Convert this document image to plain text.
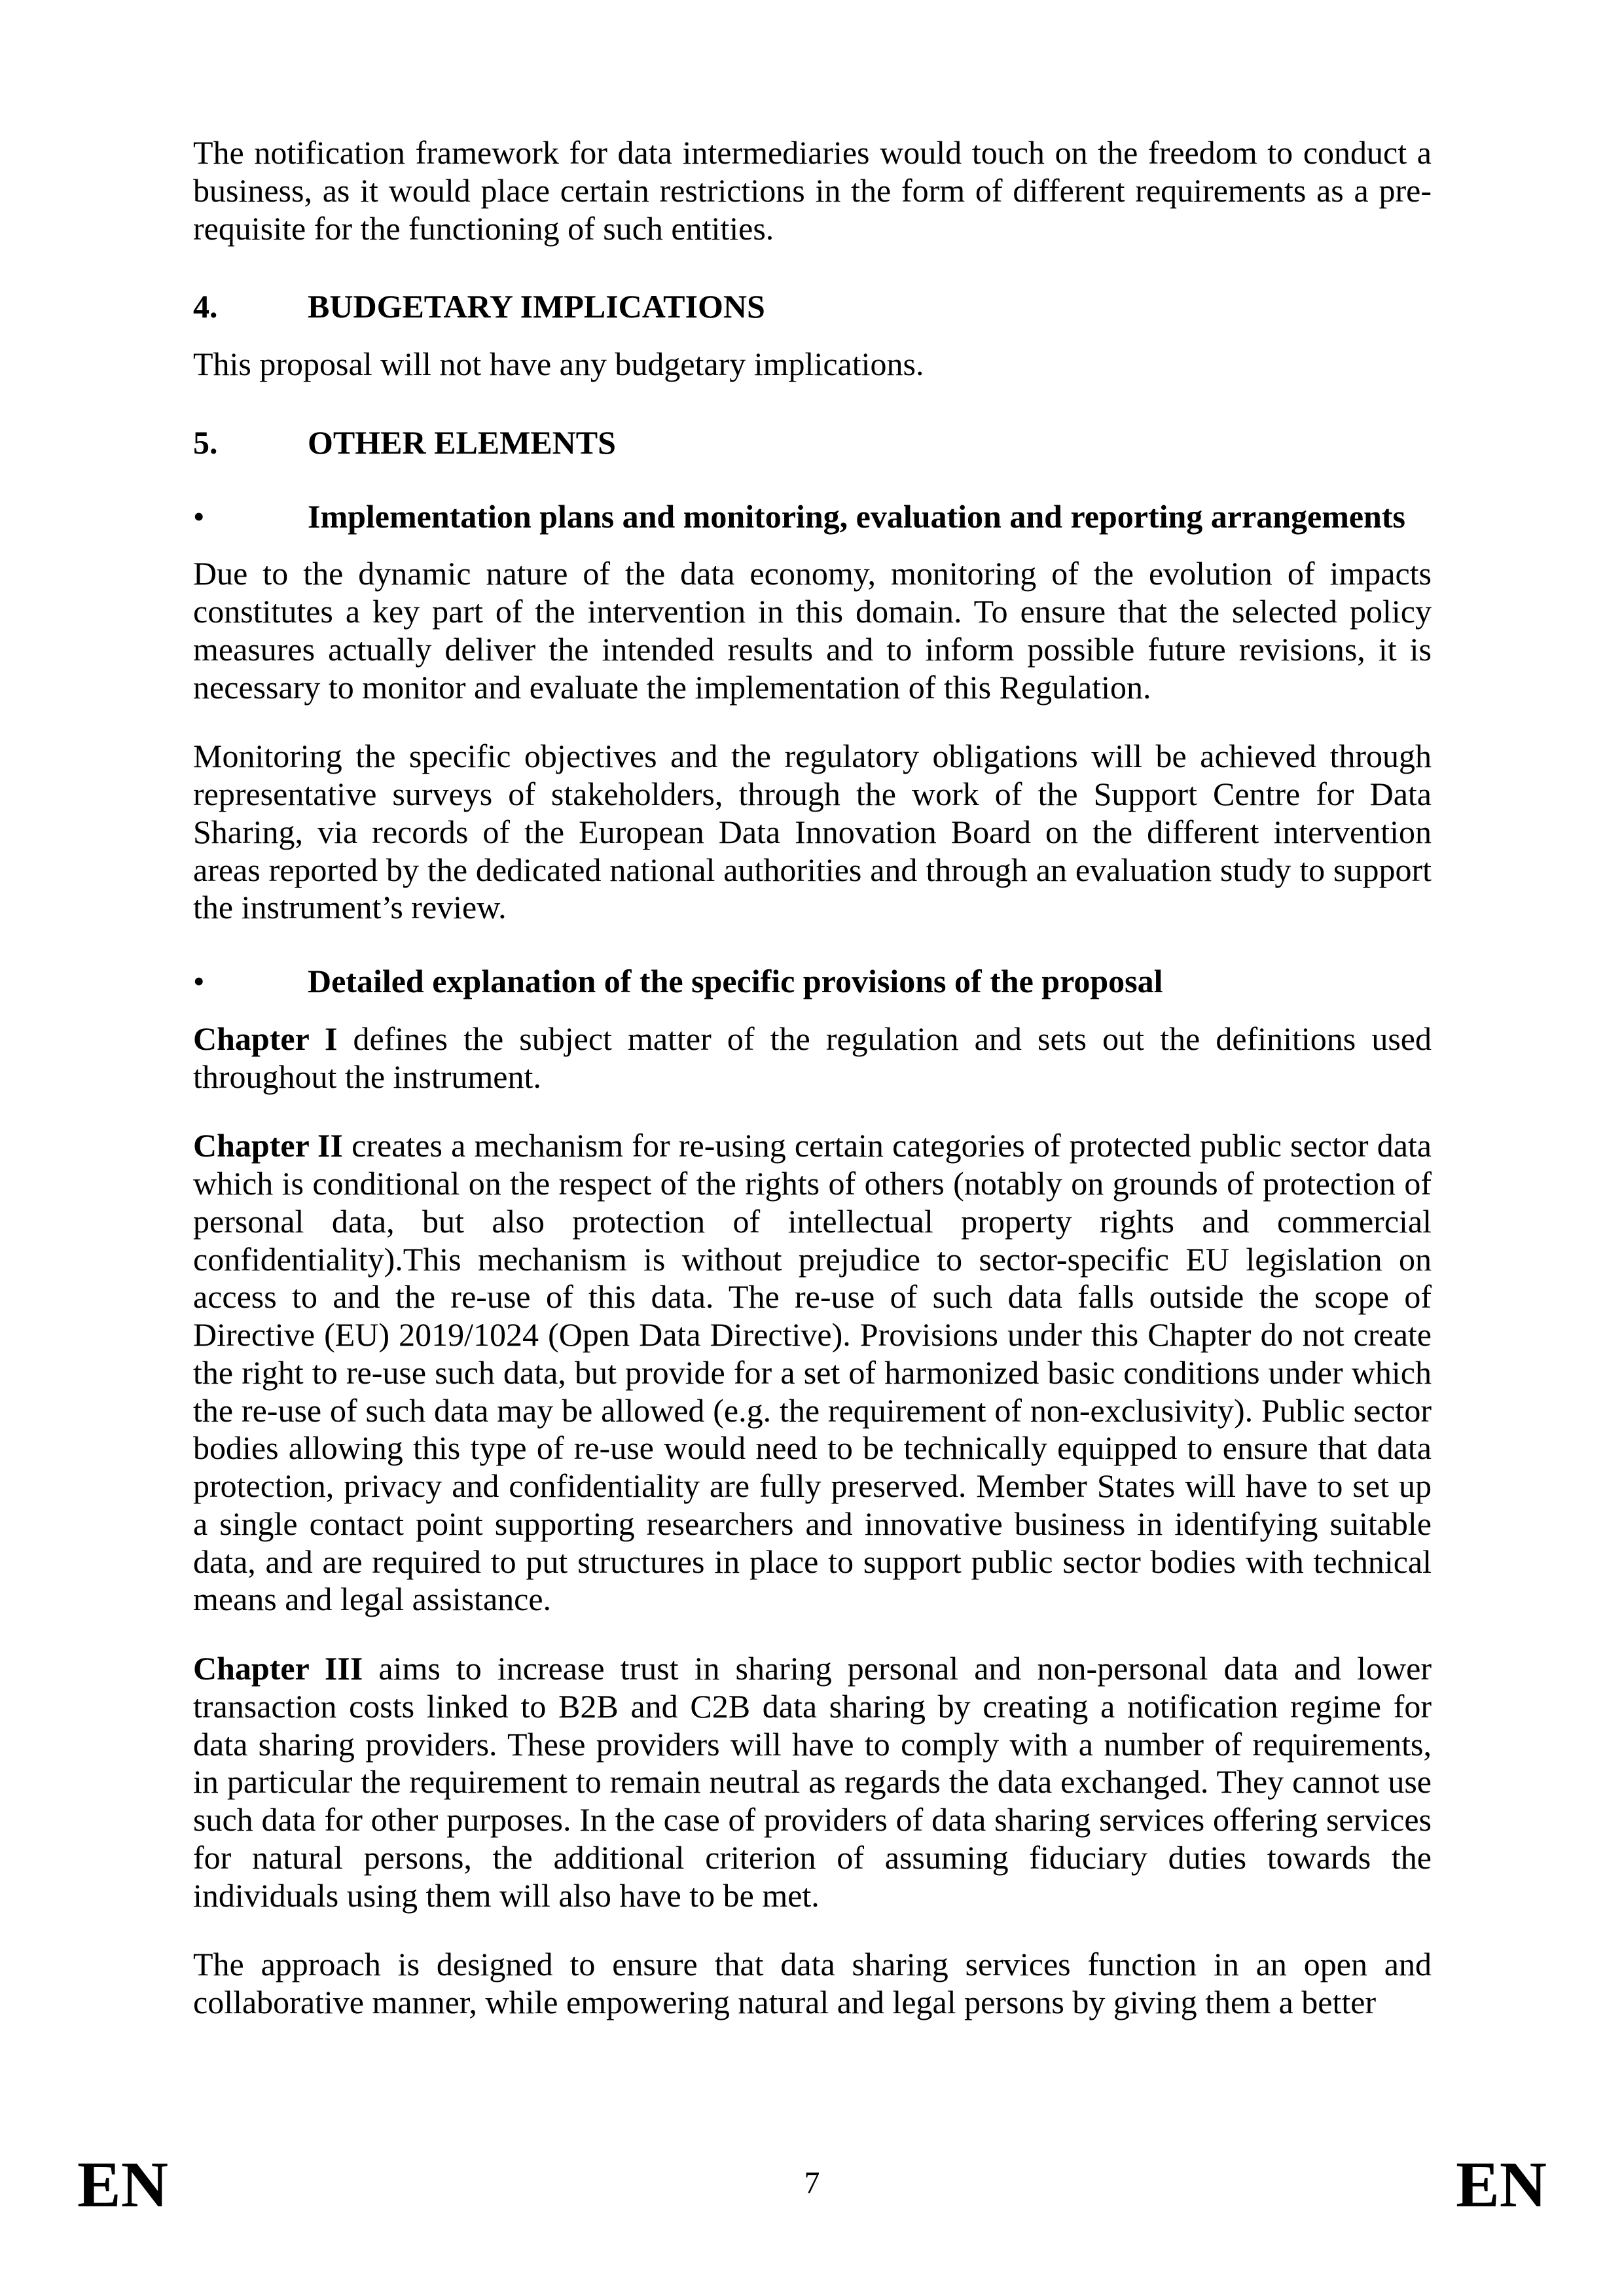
The notification framework for data intermediaries would touch on the freedom to conduct a business, as it would place certain restrictions in the form of different requirements as a pre-requisite for the functioning of such entities.

4.	BUDGETARY IMPLICATIONS

This proposal will not have any budgetary implications.

5.	OTHER ELEMENTS
•	Implementation plans and monitoring, evaluation and reporting arrangements

Due to the dynamic nature of the data economy, monitoring of the evolution of impacts constitutes a key part of the intervention in this domain. To ensure that the selected policy measures actually deliver the intended results and to inform possible future revisions, it is necessary to monitor and evaluate the implementation of this Regulation.

Monitoring the specific objectives and the regulatory obligations will be achieved through representative surveys of stakeholders, through the work of the Support Centre for Data Sharing, via records of the European Data Innovation Board on the different intervention areas reported by the dedicated national authorities and through an evaluation study to support the instrument’s review.

•	Detailed explanation of the specific provisions of the proposal

Chapter I defines the subject matter of the regulation and sets out the definitions used throughout the instrument.

Chapter II creates a mechanism for re-using certain categories of protected public sector data which is conditional on the respect of the rights of others (notably on grounds of protection of personal data, but also protection of intellectual property rights and commercial confidentiality).This mechanism is without prejudice to sector-specific EU legislation on access to and the re-use of this data. The re-use of such data falls outside the scope of Directive (EU) 2019/1024 (Open Data Directive). Provisions under this Chapter do not create the right to re-use such data, but provide for a set of harmonized basic conditions under which the re-use of such data may be allowed (e.g. the requirement of non-exclusivity). Public sector bodies allowing this type of re-use would need to be technically equipped to ensure that data protection, privacy and confidentiality are fully preserved. Member States will have to set up a single contact point supporting researchers and innovative business in identifying suitable data, and are required to put structures in place to support public sector bodies with technical means and legal assistance.

Chapter III aims to increase trust in sharing personal and non-personal data and lower transaction costs linked to B2B and C2B data sharing by creating a notification regime for data sharing providers. These providers will have to comply with a number of requirements, in particular the requirement to remain neutral as regards the data exchanged. They cannot use such data for other purposes. In the case of providers of data sharing services offering services for natural persons, the additional criterion of assuming fiduciary duties towards the individuals using them will also have to be met.

The approach is designed to ensure that data sharing services function in an open and collaborative manner, while empowering natural and legal persons by giving them a better

EN	7	EN
